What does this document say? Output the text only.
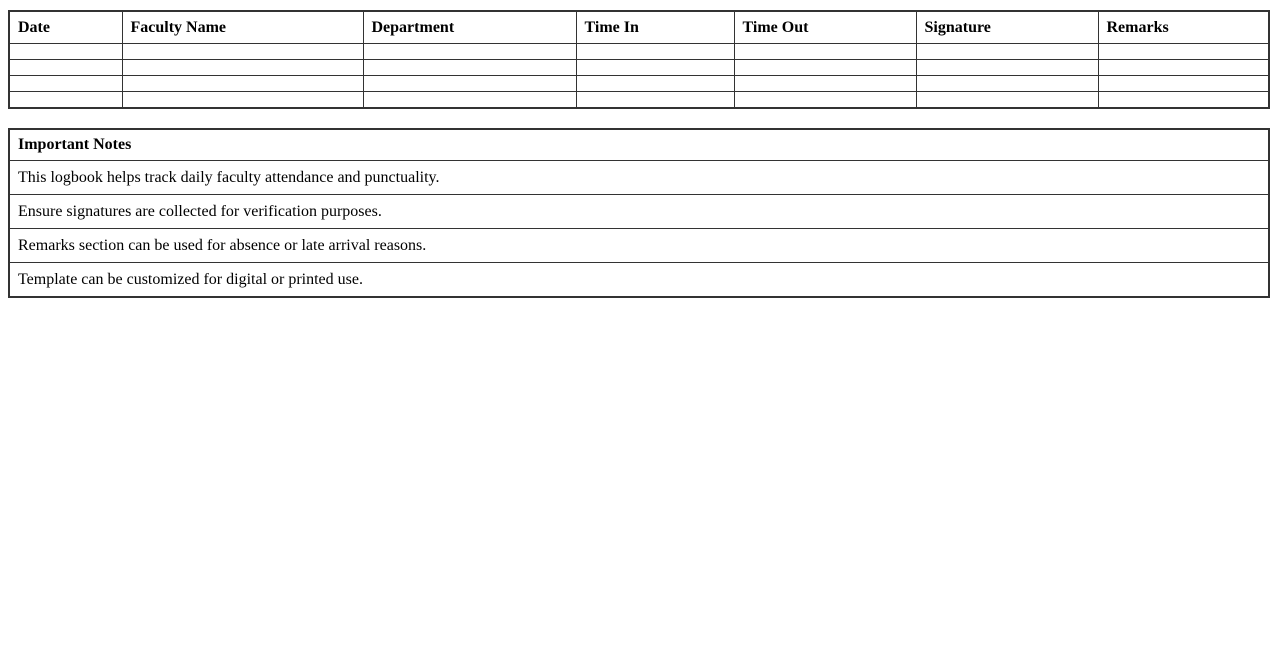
Date	Faculty Name	Department	Time In	Time Out	Signature	Remarks

Important Notes
This logbook helps track daily faculty attendance and punctuality.
Ensure signatures are collected for verification purposes.
Remarks section can be used for absence or late arrival reasons.
Template can be customized for digital or printed use.
